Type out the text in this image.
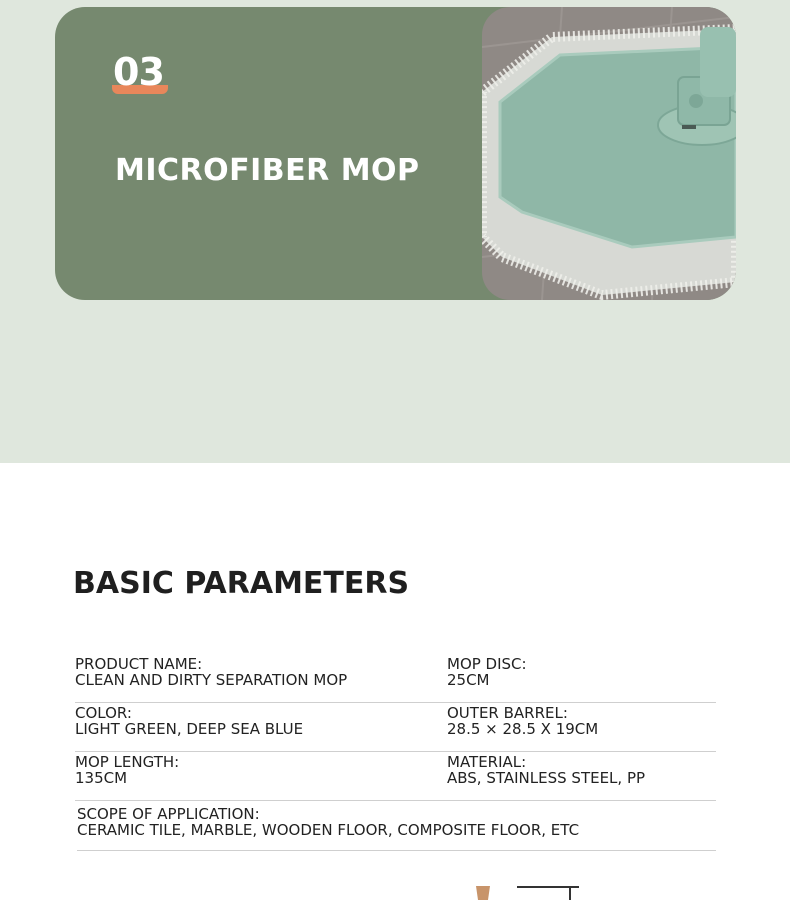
03
MICROFIBER MOP
BASIC PARAMETERS
PRODUCT NAME:
CLEAN AND DIRTY SEPARATION MOP
MOP DISC:
25CM
COLOR:
LIGHT GREEN, DEEP SEA BLUE
OUTER BARREL:
28.5 × 28.5 X 19CM
MOP LENGTH:
135CM
MATERIAL:
ABS, STAINLESS STEEL, PP
SCOPE OF APPLICATION:
CERAMIC TILE, MARBLE, WOODEN FLOOR, COMPOSITE FLOOR, ETC
